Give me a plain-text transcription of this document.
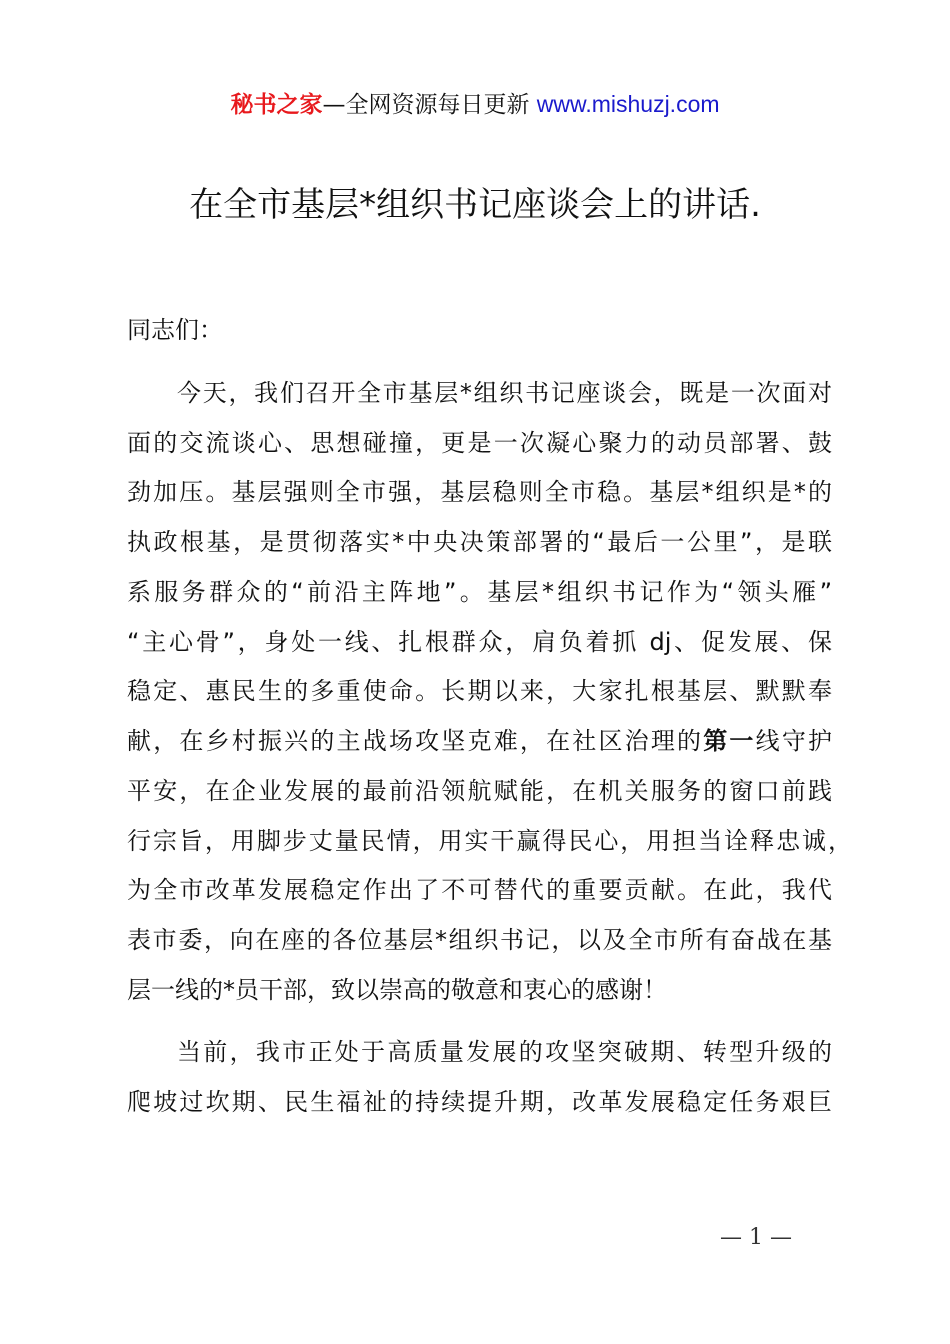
秘书之家—全网资源每日更新 www.mishuzj.com
在全市基层*组织书记座谈会上的讲话.
同志们：
今天，我们召开全市基层*组织书记座谈会，既是一次面对
面的交流谈心、思想碰撞，更是一次凝心聚力的动员部署、鼓
劲加压。基层强则全市强，基层稳则全市稳。基层*组织是*的
执政根基，是贯彻落实*中央决策部署的“最后一公里”，是联
系服务群众的“前沿主阵地”。基层*组织书记作为“领头雁”
“主心骨”，身处一线、扎根群众，肩负着抓 dj、促发展、保
稳定、惠民生的多重使命。长期以来，大家扎根基层、默默奉
献，在乡村振兴的主战场攻坚克难，在社区治理的第一线守护
平安，在企业发展的最前沿领航赋能，在机关服务的窗口前践
行宗旨，用脚步丈量民情，用实干赢得民心，用担当诠释忠诚，
为全市改革发展稳定作出了不可替代的重要贡献。在此，我代
表市委，向在座的各位基层*组织书记，以及全市所有奋战在基
层一线的*员干部，致以崇高的敬意和衷心的感谢！
当前，我市正处于高质量发展的攻坚突破期、转型升级的
爬坡过坎期、民生福祉的持续提升期，改革发展稳定任务艰巨
— 1 —
